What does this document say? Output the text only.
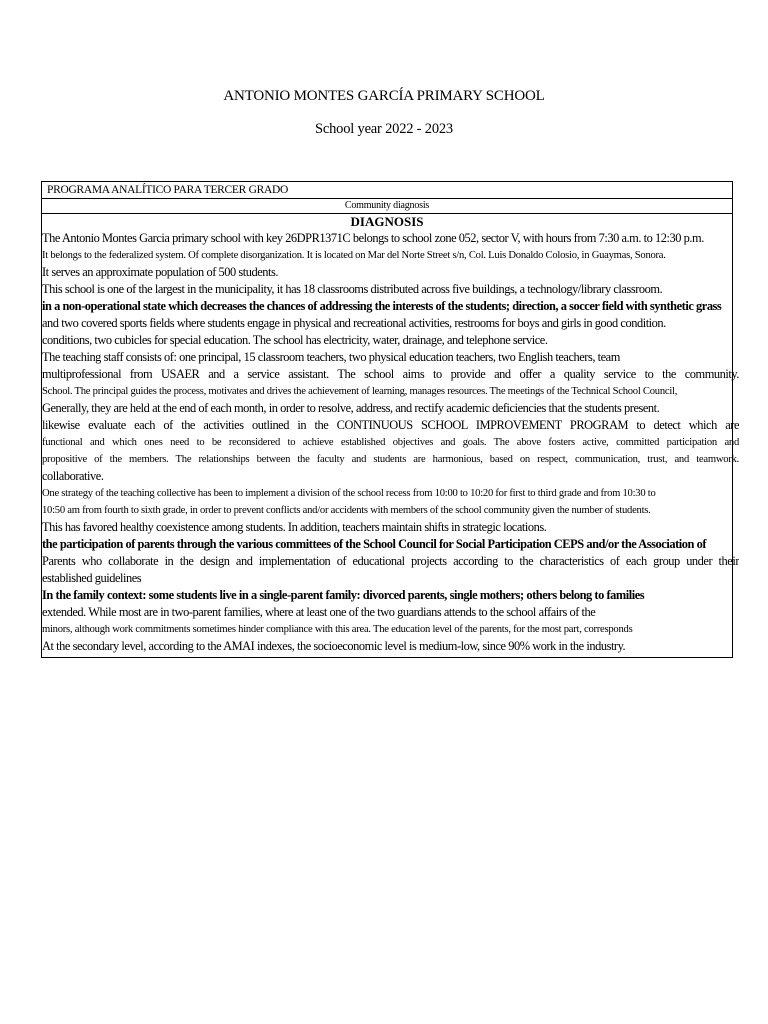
ANTONIO MONTES GARCÍA PRIMARY SCHOOL
School year 2022 - 2023
PROGRAMA ANALÍTICO PARA TERCER GRADO
Community diagnosis
DIAGNOSIS
The Antonio Montes Garcia primary school with key 26DPR1371C belongs to school zone 052, sector V, with hours from 7:30 a.m. to 12:30 p.m.
It belongs to the federalized system. Of complete disorganization. It is located on Mar del Norte Street s/n, Col. Luis Donaldo Colosio, in Guaymas, Sonora.
It serves an approximate population of 500 students.
This school is one of the largest in the municipality, it has 18 classrooms distributed across five buildings, a technology/library classroom.
in a non-operational state which decreases the chances of addressing the interests of the students; direction, a soccer field with synthetic grass
and two covered sports fields where students engage in physical and recreational activities, restrooms for boys and girls in good condition.
conditions, two cubicles for special education. The school has electricity, water, drainage, and telephone service.
The teaching staff consists of: one principal, 15 classroom teachers, two physical education teachers, two English teachers, team
multiprofessional from USAER and a service assistant. The school aims to provide and offer a quality service to the community.
School. The principal guides the process, motivates and drives the achievement of learning, manages resources. The meetings of the Technical School Council,
Generally, they are held at the end of each month, in order to resolve, address, and rectify academic deficiencies that the students present.
likewise evaluate each of the activities outlined in the CONTINUOUS SCHOOL IMPROVEMENT PROGRAM to detect which are
functional and which ones need to be reconsidered to achieve established objectives and goals. The above fosters active, committed participation and
propositive of the members. The relationships between the faculty and students are harmonious, based on respect, communication, trust, and teamwork.
collaborative.
One strategy of the teaching collective has been to implement a division of the school recess from 10:00 to 10:20 for first to third grade and from 10:30 to
10:50 am from fourth to sixth grade, in order to prevent conflicts and/or accidents with members of the school community given the number of students.
This has favored healthy coexistence among students. In addition, teachers maintain shifts in strategic locations.
the participation of parents through the various committees of the School Council for Social Participation CEPS and/or the Association of
Parents who collaborate in the design and implementation of educational projects according to the characteristics of each group under their
established guidelines
In the family context: some students live in a single-parent family: divorced parents, single mothers; others belong to families
extended. While most are in two-parent families, where at least one of the two guardians attends to the school affairs of the
minors, although work commitments sometimes hinder compliance with this area. The education level of the parents, for the most part, corresponds
At the secondary level, according to the AMAI indexes, the socioeconomic level is medium-low, since 90% work in the industry.
